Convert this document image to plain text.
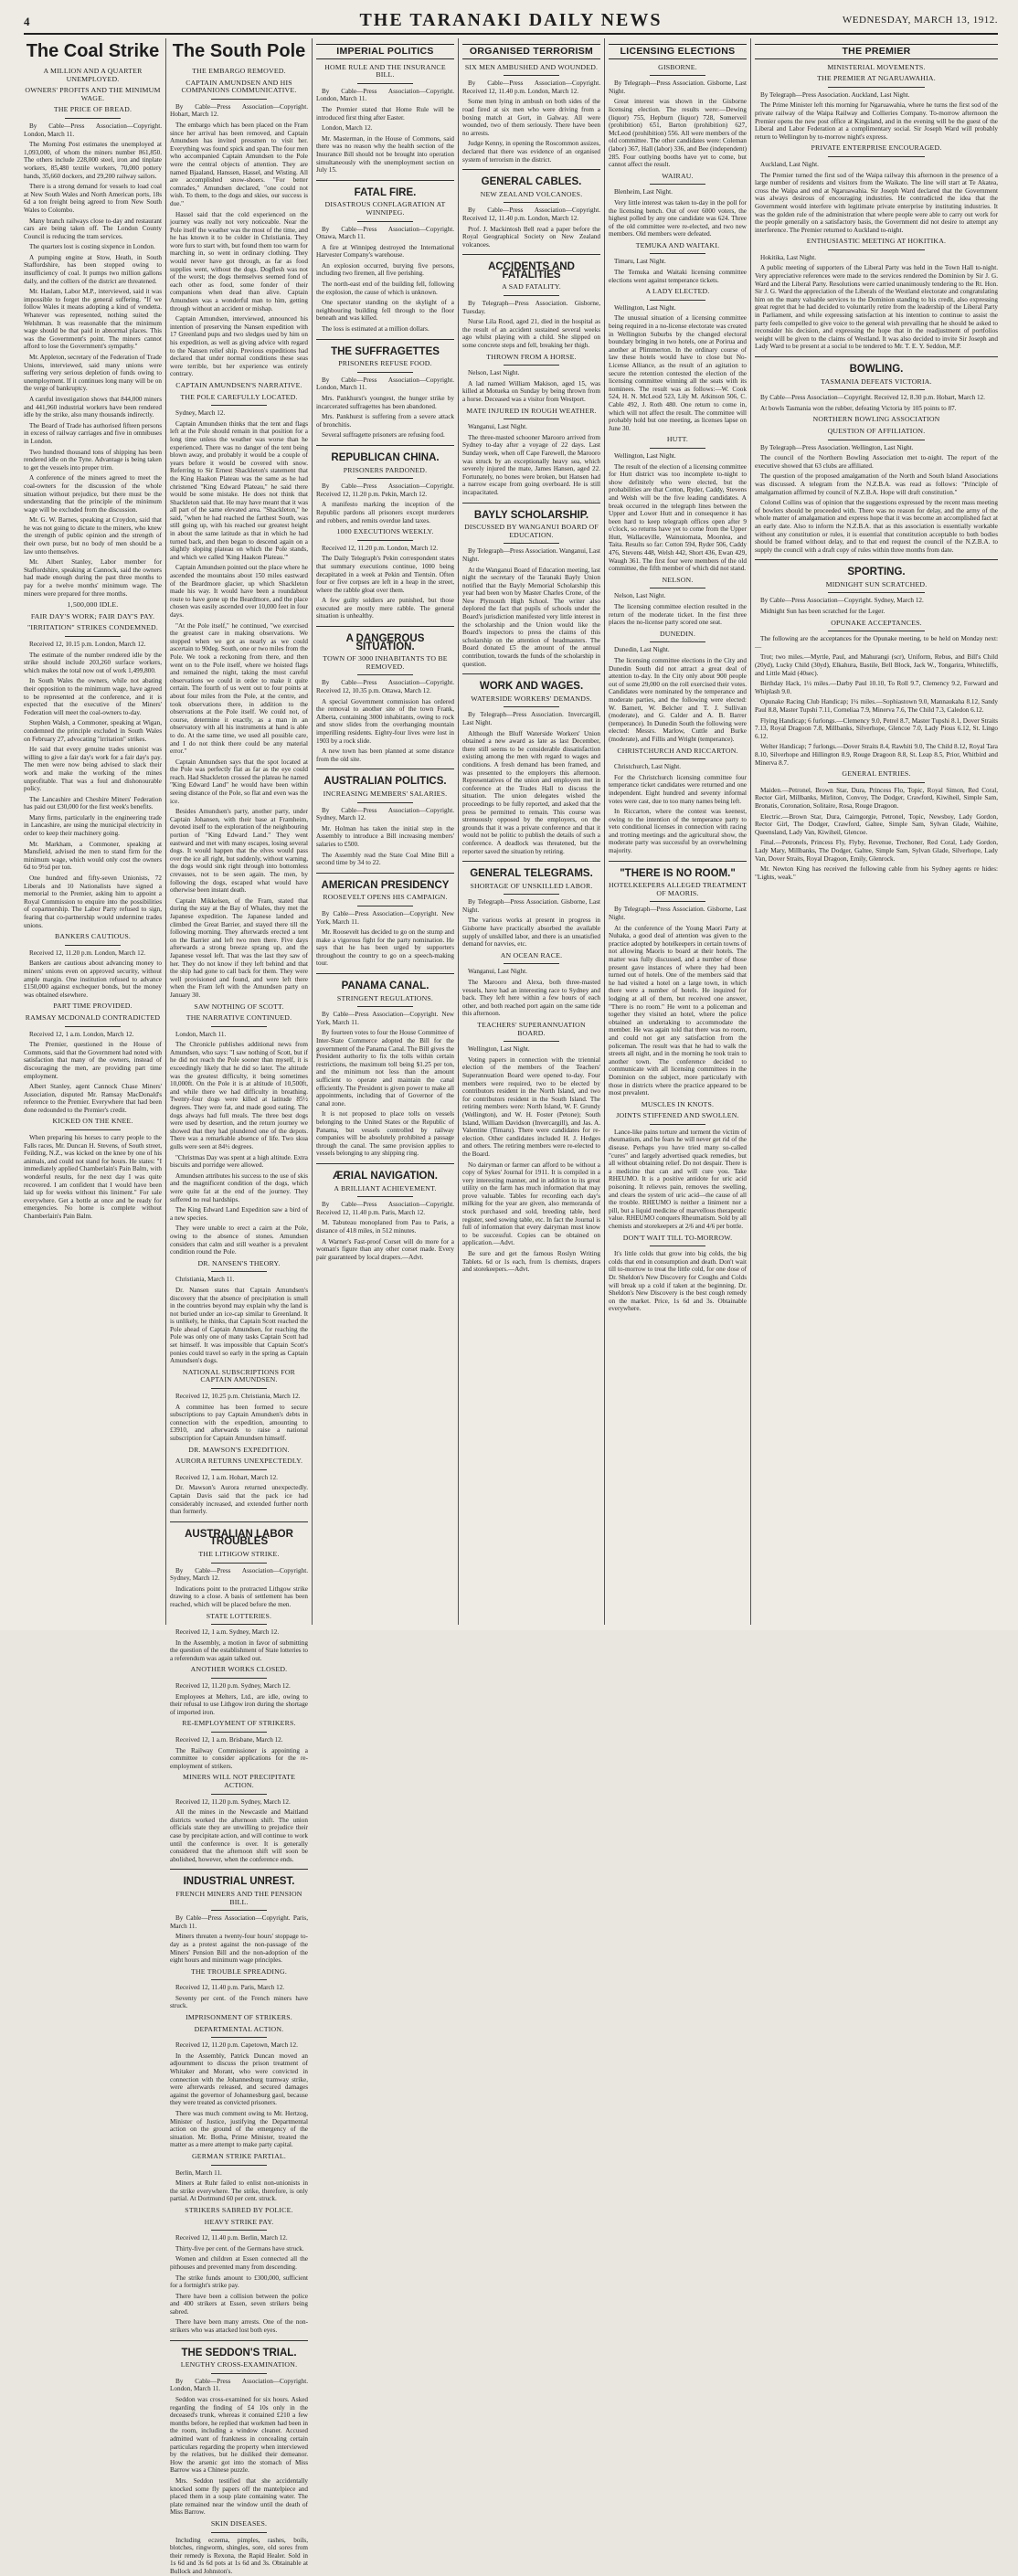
4	THE TARANAKI DAILY NEWS	WEDNESDAY, MARCH 13, 1912.
The Coal Strike
A MILLION AND A QUARTER UNEMPLOYED.
OWNERS' PROFITS AND THE MINIMUM WAGE.
THE PRICE OF BREAD.
By Cable—Press Association—Copyright. London, March 11.
The Morning Post estimates the unemployed at 1,093,000, of whom the miners number 861,850. The others include 228,000 steel, iron and tinplate workers, 85,480 textile workers, 70,000 pottery hands, 35,660 dockers, and 29,200 railway sailors.
There is a strong demand for vessels to load coal at New South Wales and North American ports, 18s 6d a ton freight being agreed to from New South Wales to Colombo.
Many branch railways close to-day and restaurant cars are being taken off. The London County Council is reducing the tram services.
The quarters lost is costing sixpence in London.
A pumping engine at Stow, Heath, in South Staffordshire, has been stopped owing to insufficiency of coal. It pumps two million gallons daily, and the colliers of the district are threatened.
Mr. Haslam, Labor M.P., interviewed, said it was impossible to forget the general suffering. "If we follow Wales it means adopting a kind of vendetta. Whatever was represented, nothing suited the Welshman. It was reasonable that the minimum wage should be that paid in abnormal places. This was the Government's point. The miners cannot afford to lose the Government's sympathy."
Mr. Appleton, secretary of the Federation of Trade Unions, interviewed, said many unions were suffering very serious depletion of funds owing to unemployment. If it continues long many will be on the verge of bankruptcy.
A careful investigation shows that 844,000 miners and 441,960 industrial workers have been rendered idle by the strike, also many thousands indirectly.
The Board of Trade has authorised fifteen persons in excess of railway carriages and five in omnibuses in London.
Two hundred thousand tons of shipping has been rendered idle on the Tyne. Advantage is being taken to get the vessels into proper trim.
A conference of the miners agreed to meet the coal-owners for the discussion of the whole situation without prejudice, but there must be the understanding that the principle of the minimum wage will be excluded from the discussion.
Mr. G. W. Barnes, speaking at Croydon, said that he was not going to dictate to the miners, who knew the strength of public opinion and the strength of their own purse, but no body of men should be a law unto themselves.
Mr. Albert Stanley, Labor member for Staffordshire, speaking at Cannock, said the owners had made enough during the past three months to pay for a twelve months' minimum wage. The miners were prepared for three months.
1,500,000 IDLE.
FAIR DAY'S WORK; FAIR DAY'S PAY.
"IRRITATION" STRIKES CONDEMNED.
Received 12, 10.15 p.m. London, March 12.
The estimate of the number rendered idle by the strike should include 203,260 surface workers, which makes the total now out of work 1,499,800.
In South Wales the owners, while not abating their opposition to the minimum wage, have agreed to be represented at the conference, and it is expected that the executive of the Miners' Federation will meet the coal-owners to-day.
Stephen Walsh, a Commoner, speaking at Wigan, condemned the principle excluded in South Wales on February 27, advocating "irritation" strikes.
He said that every genuine trades unionist was willing to give a fair day's work for a fair day's pay. The men were now being advised to slack their work and make the working of the mines unprofitable. That was a foul and dishonourable policy.
The Lancashire and Cheshire Miners' Federation has paid out £30,000 for the first week's benefits.
Many firms, particularly in the engineering trade in Lancashire, are using the municipal electricity in order to keep their machinery going.
Mr. Markham, a Commoner, speaking at Mansfield, advised the men to stand firm for the minimum wage, which would only cost the owners 6d to 9½d per ton.
One hundred and fifty-seven Unionists, 72 Liberals and 10 Nationalists have signed a memorial to the Premier, asking him to appoint a Royal Commission to enquire into the possibilities of copartnership. The Labor Party refused to sign, fearing that co-partnership would undermine trades unions.
BANKERS CAUTIOUS.
Received 12, 11.20 p.m. London, March 12.
Bankers are cautious about advancing money to miners' unions even on approved security, without ample margin. One institution refused to advance £150,000 against exchequer bonds, but the money was obtained elsewhere.
PART TIME PROVIDED.
RAMSAY MCDONALD CONTRADICTED
Received 12, 1 a.m. London, March 12.
The Premier, questioned in the House of Commons, said that the Government had noted with satisfaction that many of the owners, instead of discouraging the men, are providing part time employment.
Albert Stanley, agent Cannock Chase Miners' Association, disputed Mr. Ramsay MacDonald's reference to the Premier. Everywhere that had been done redounded to the Premier's credit.
KICKED ON THE KNEE.
When preparing his horses to carry people to the Falls races, Mr. Duncan H. Stevens, of South street, Feilding, N.Z., was kicked on the knee by one of his animals, and could not stand for hours. He states: "I immediately applied Chamberlain's Pain Balm, with wonderful results, for the next day I was quite recovered. I am confident that I would have been laid up for weeks without this liniment." For sale everywhere. Get a bottle at once and be ready for emergencies. No home is complete without Chamberlain's Pain Balm.
The South Pole
THE EMBARGO REMOVED.
CAPTAIN AMUNDSEN AND HIS COMPANIONS COMMUNICATIVE.
By Cable—Press Association—Copyright. Hobart, March 12.
The embargo which has been placed on the Fram since her arrival has been removed, and Captain Amundsen has invited pressmen to visit her. Everything was found spick and span. The four men who accompanied Captain Amundsen to the Pole were the central objects of attention. They are named Bjaaland, Hanssen, Hassel, and Wisting. All are accomplished snow-shoers. "For better comrades," Amundsen declared, "one could not wish. To them, to the dogs and skies, our success is due."
Hassel said that the cold experienced on the journey was really not very noticeable. Near the Pole itself the weather was the most of the time, and he has known it to be colder in Christiania. They wore furs to start with, but found them too warm for marching in, so went in ordinary clothing. They would never have got through, as far as food supplies went, without the dogs. Dogflesh was not of the worst; the dogs themselves seemed fond of each other as food, some fonder of their companions when dead than alive. Captain Amundsen was a wonderful man to him, getting through without an accident or mishap.
Captain Amundsen, interviewed, announced his intention of preserving the Nansen expedition with 17 Greenland pups and two sledges used by him on his expedition, as well as giving advice with regard to the Nansen relief ship. Previous expeditions had declared that under normal conditions these seas were terrible, but her experience was entirely contrary.
CAPTAIN AMUNDSEN'S NARRATIVE.
THE POLE CAREFULLY LOCATED.
Sydney, March 12.
Captain Amundsen thinks that the tent and flags left at the Pole should remain in that position for a long time unless the weather was worse than he experienced. There was no danger of the tent being blown away, and probably it would be a couple of years before it would be covered with snow. Referring to Sir Ernest Shackleton's statement that the King Haakon Plateau was the same as he had christened "King Edward Plateau," he said there would be some mistake. He does not think that Shackleton said that. He may have meant that it was all part of the same elevated area. "Shackleton," he said, "when he had reached the farthest South, was still going up, with his reached our greatest height in about the same latitude as that in which he had turned back, and then began to descend again on a slightly sloping plateau on which the Pole stands, and which we called 'King Haakon Plateau.'"
Captain Amundsen pointed out the place where he ascended the mountains about 150 miles eastward of the Beardmore glacier, up which Shackleton made his way. It would have been a roundabout route to have gone up the Beardmore, and the place chosen was easily ascended over 10,000 feet in four days.
"At the Pole itself," he continued, "we exercised the greatest care in making observations. We stopped when we got as nearly as we could ascertain to 90deg. South, one or two miles from the Pole. We took a reckoning from there, and then went on to the Pole itself, where we hoisted flags and remained the night, taking the most careful observations we could in order to make it quite certain. The fourth of us went out to four points at about four miles from the Pole, at the centre, and took observations there, in addition to the observations at the Pole itself. We could not, of course, determine it exactly, as a man in an observatory with all his instruments at hand is able to do. At the same time, we used all possible care, and I do not think there could be any material error."
Captain Amundsen says that the spot located at the Pole was perfectly flat as far as the eye could reach. Had Shackleton crossed the plateau he named "King Edward Land" he would have been within seeing distance of the Pole, so flat and even was the ice.
Besides Amundsen's party, another party, under Captain Johansen, with their base at Framheim, devoted itself to the exploration of the neighbouring portion of "King Edward Land." They went eastward and met with many escapes, losing several dogs. It would happen that the elves would pass over the ice all right, but suddenly, without warning, the dogs would sink right through into bottomless crevasses, not to be seen again. The men, by following the dogs, escaped what would have otherwise been instant death.
Captain Mikkelsen, of the Fram, stated that during the stay at the Bay of Whales, they met the Japanese expedition. The Japanese landed and climbed the Great Barrier, and stayed there till the following morning. They afterwards erected a tent on the Barrier and left two men there. Five days afterwards a strong breeze sprang up, and the Japanese vessel left. That was the last they saw of her. They do not know if they left behind and that the ship had gone to call back for them. They were well provisioned and found, and were left there when the Fram left with the Amundsen party on January 30.
SAW NOTHING OF SCOTT.
THE NARRATIVE CONTINUED.
London, March 11.
The Chronicle publishes additional news from Amundsen, who says: "I saw nothing of Scott, but if he did not reach the Pole sooner than myself, it is exceedingly likely that he did so later. The altitude was the greatest difficulty, it being sometimes 10,000ft. On the Pole it is at altitude of 10,500ft, and while there we had difficulty in breathing. Twenty-four dogs were killed at latitude 85½ degrees. They were fat, and made good eating. The dogs always had full meals. The three best dogs were used by desertion, and the return journey we showed that they had plundered one of the depots. There was a remarkable absence of life. Two skua gulls were seen at 84½ degrees.
"Christmas Day was spent at a high altitude. Extra biscuits and porridge were allowed.
Amundsen attributes his success to the use of skis and the magnificent condition of the dogs, which were quite fat at the end of the journey. They suffered no real hardships.
The King Edward Land Expedition saw a bird of a new species.
They were unable to erect a cairn at the Pole, owing to the absence of stones. Amundsen considers that calm and still weather is a prevalent condition round the Pole.
DR. NANSEN'S THEORY.
Christiania, March 11.
Dr. Nansen states that Captain Amundsen's discovery that the absence of precipitation is small in the countries beyond may explain why the land is not buried under an ice-cap similar to Greenland. It is unlikely, he thinks, that Captain Scott reached the Pole ahead of Captain Amundsen, for reaching the Pole was only one of many tasks Captain Scott had set himself. It was impossible that Captain Scott's ponies could travel so early in the spring as Captain Amundsen's dogs.
NATIONAL SUBSCRIPTIONS FOR CAPTAIN AMUNDSEN.
Received 12, 10.25 p.m. Christiania, March 12.
A committee has been formed to secure subscriptions to pay Captain Amundsen's debts in connection with the expedition, amounting to £3910, and afterwards to raise a national subscription for Captain Amundsen himself.
DR. MAWSON'S EXPEDITION.
AURORA RETURNS UNEXPECTEDLY.
Received 12, 1 a.m. Hobart, March 12.
Dr. Mawson's Aurora returned unexpectedly. Captain Davis said that the pack ice had considerably increased, and extended further north than formerly.
AUSTRALIAN LABOR TROUBLES
THE LITHGOW STRIKE.
By Cable—Press Association—Copyright. Sydney, March 12.
Indications point to the protracted Lithgow strike drawing to a close. A basis of settlement has been reached, which will be placed before the men.
STATE LOTTERIES.
Received 12, 1 a.m. Sydney, March 12.
In the Assembly, a motion in favor of submitting the question of the establishment of State lotteries to a referendum was again talked out.
ANOTHER WORKS CLOSED.
Received 12, 11.20 p.m. Sydney, March 12.
Employees at Melters, Ltd., are idle, owing to their refusal to use Lithgow iron during the shortage of imported iron.
RE-EMPLOYMENT OF STRIKERS.
Received 12, 1 a.m. Brisbane, March 12.
The Railway Commissioner is appointing a committee to consider applications for the re-employment of strikers.
MINERS WILL NOT PRECIPITATE ACTION.
Received 12, 11.20 p.m. Sydney, March 12.
All the mines in the Newcastle and Maitland districts worked the afternoon shift. The union officials state they are unwilling to prejudice their case by precipitate action, and will continue to work until the conference is over. It is generally considered that the afternoon shift will soon be abolished, however, when the conference ends.
INDUSTRIAL UNREST.
FRENCH MINERS AND THE PENSION BILL.
By Cable—Press Association—Copyright. Paris, March 11.
Miners threaten a twenty-four hours' stoppage to-day as a protest against the non-passage of the Miners' Pension Bill and the non-adoption of the eight hours and minimum wage principles.
THE TROUBLE SPREADING.
Received 12, 11.40 p.m. Paris, March 12.
Seventy per cent. of the French miners have struck.
IMPRISONMENT OF STRIKERS.
DEPARTMENTAL ACTION.
Received 12, 11.20 p.m. Capetown, March 12.
In the Assembly, Patrick Duncan moved an adjournment to discuss the prison treatment of Whitaker and Morant, who were convicted in connection with the Johannesburg tramway strike, were afterwards released, and secured damages against the governor of Johannesburg gaol, because they were treated as convicted prisoners.
There was much comment owing to Mr. Hertzog, Minister of Justice, justifying the Departmental action on the ground of the emergency of the situation. Mr. Botha, Prime Minister, treated the matter as a mere attempt to make party capital.
GERMAN STRIKE PARTIAL.
Berlin, March 11.
Miners at Ruhr failed to enlist non-unionists in the strike everywhere. The strike, therefore, is only partial. At Dortmund 60 per cent. struck.
STRIKERS SABRED BY POLICE.
HEAVY STRIKE PAY.
Received 12, 11.40 p.m. Berlin, March 12.
Thirty-five per cent. of the Germans have struck.
Women and children at Essen connected all the pithouses and prevented many from descending.
The strike funds amount to £300,000, sufficient for a fortnight's strike pay.
There have been a collision between the police and 400 strikers at Essen, seven strikers being sabred.
There have been many arrests. One of the non-strikers who was attacked lost both eyes.
THE SEDDON'S TRIAL.
LENGTHY CROSS-EXAMINATION.
By Cable—Press Association—Copyright. London, March 11.
Seddon was cross-examined for six hours. Asked regarding the finding of £4 10s only in the deceased's trunk, whereas it contained £210 a few months before, he replied that workmen had been in the room, including a window cleaner. Accused admitted want of frankness in concealing certain particulars regarding the property when interviewed by the relatives, but he disliked their demeanor. How the arsenic got into the stomach of Miss Barrow was a Chinese puzzle.
Mrs. Seddon testified that she accidentally knocked some fly papers off the mantelpiece and placed them in a soup plate containing water. The plate remained near the window until the death of Miss Barrow.
SKIN DISEASES.
Including eczema, pimples, rashes, boils, blotches, ringworm, shingles, sore, old sores from their remedy is Rexona, the Rapid Healer. Sold in 1s 6d and 3s 6d pots at 1s 6d and 3s. Obtainable at Bullock and Johnston's.
IMPERIAL POLITICS
HOME RULE AND THE INSURANCE BILL.
By Cable—Press Association—Copyright. London, March 11.
The Premier stated that Home Rule will be introduced first thing after Easter.
London, March 12.
Mr. Masterman, in the House of Commons, said there was no reason why the health section of the Insurance Bill should not be brought into operation simultaneously with the unemployment section on July 15.
FATAL FIRE.
DISASTROUS CONFLAGRATION AT WINNIPEG.
By Cable—Press Association—Copyright. Ottawa, March 11.
A fire at Winnipeg destroyed the International Harvester Company's warehouse.
An explosion occurred, burying five persons, including two firemen, all five perishing.
The north-east end of the building fell, following the explosion, the cause of which is unknown.
One spectator standing on the skylight of a neighbouring building fell through to the floor beneath and was killed.
The loss is estimated at a million dollars.
THE SUFFRAGETTES
PRISONERS REFUSE FOOD.
By Cable—Press Association—Copyright. London, March 11.
Mrs. Pankhurst's youngest, the hunger strike by incarcerated suffragettes has been abandoned.
Mrs. Pankhurst is suffering from a severe attack of bronchitis.
Several suffragette prisoners are refusing food.
REPUBLICAN CHINA.
PRISONERS PARDONED.
By Cable—Press Association—Copyright. Received 12, 11.20 p.m. Pekin, March 12.
A manifesto marking the inception of the Republic pardons all prisoners except murderers and robbers, and remits overdue land taxes.
1000 EXECUTIONS WEEKLY.
Received 12, 11.20 p.m. London, March 12.
The Daily Telegraph's Pekin correspondent states that summary executions continue, 1000 being decapitated in a week at Pekin and Tientsin. Often four or five corpses are left in a heap in the street, where the rabble gloat over them.
A few guilty soldiers are punished, but those executed are mostly mere rabble. The general situation is unhealthy.
A DANGEROUS SITUATION.
TOWN OF 3000 INHABITANTS TO BE REMOVED.
By Cable—Press Association—Copyright. Received 12, 10.35 p.m. Ottawa, March 12.
A special Government commission has ordered the removal to another site of the town Frank, Alberta, containing 3000 inhabitants, owing to rock and snow slides from the overhanging mountain imperilling residents. Eighty-four lives were lost in 1903 by a rock slide.
A new town has been planned at some distance from the old site.
AUSTRALIAN POLITICS.
INCREASING MEMBERS' SALARIES.
By Cable—Press Association—Copyright. Sydney, March 12.
Mr. Holman has taken the initial step in the Assembly to introduce a Bill increasing members' salaries to £500.
The Assembly read the State Coal Mine Bill a second time by 34 to 22.
AMERICAN PRESIDENCY
ROOSEVELT OPENS HIS CAMPAIGN.
By Cable—Press Association—Copyright. New York, March 11.
Mr. Roosevelt has decided to go on the stump and make a vigorous fight for the party nomination. He says that he has been urged by supporters throughout the country to go on a speech-making tour.
PANAMA CANAL.
STRINGENT REGULATIONS.
By Cable—Press Association—Copyright. New York, March 11.
By fourteen votes to four the House Committee of Inter-State Commerce adopted the Bill for the government of the Panama Canal. The Bill gives the President authority to fix the tolls within certain restrictions, the maximum toll being $1.25 per ton, and the minimum not less than the amount sufficient to operate and maintain the canal efficiently. The President is given power to make all appointments, including that of Governor of the canal zone.
It is not proposed to place tolls on vessels belonging to the United States or the Republic of Panama, but vessels controlled by railway companies will be absolutely prohibited a passage through the canal. The same provision applies to vessels belonging to any shipping ring.
ÆRIAL NAVIGATION.
A BRILLIANT ACHIEVEMENT.
By Cable—Press Association—Copyright. Received 12, 11.40 p.m. Paris, March 12.
M. Tabuteau monoplaned from Pau to Paris, a distance of 418 miles, in 512 minutes.
A Warner's Fast-proof Corset will do more for a woman's figure than any other corset made. Every pair guaranteed by local drapers.—Advt.
ORGANISED TERRORISM
SIX MEN AMBUSHED AND WOUNDED.
By Cable—Press Association—Copyright. Received 12, 11.40 p.m. London, March 12.
Some men lying in ambush on both sides of the road fired at six men who were driving from a boxing match at Gort, in Galway. All were wounded, two of them seriously. There have been no arrests.
Judge Kenny, in opening the Roscommon assizes, declared that there was evidence of an organised system of terrorism in the district.
GENERAL CABLES.
NEW ZEALAND VOLCANOES.
By Cable—Press Association—Copyright. Received 12, 11.40 p.m. London, March 12.
Prof. J. Mackintosh Bell read a paper before the Royal Geographical Society on New Zealand volcanoes.
ACCIDENTS AND FATALITIES
A SAD FATALITY.
By Telegraph—Press Association. Gisborne, Tuesday.
Nurse Lila Rood, aged 21, died in the hospital as the result of an accident sustained several weeks ago whilst playing with a child. She slipped on some concrete steps and fell, breaking her thigh.
THROWN FROM A HORSE.
Nelson, Last Night.
A lad named William Makison, aged 15, was killed at Motueka on Sunday by being thrown from a horse. Deceased was a visitor from Westport.
MATE INJURED IN ROUGH WEATHER.
Wanganui, Last Night.
The three-masted schooner Marooro arrived from Sydney to-day after a voyage of 22 days. Last Sunday week, when off Cape Farewell, the Marooro was struck by an exceptionally heavy sea, which severely injured the mate, James Hansen, aged 22. Fortunately, no bones were broken, but Hansen had a narrow escape from going overboard. He is still incapacitated.
BAYLY SCHOLARSHIP.
DISCUSSED BY WANGANUI BOARD OF EDUCATION.
By Telegraph—Press Association. Wanganui, Last Night.
At the Wanganui Board of Education meeting, last night the secretary of the Taranaki Bayly Union notified that the Bayly Memorial Scholarship this year had been won by Master Charles Crone, of the New Plymouth High School. The writer also deplored the fact that pupils of schools under the Board's jurisdiction manifested very little interest in the scholarship and the Union would like the Board's inspectors to press the claims of this scholarship on the attention of headmasters. The Board donated £5 the amount of the annual contribution, towards the funds of the scholarship in question.
WORK AND WAGES.
WATERSIDE WORKERS' DEMANDS.
By Telegraph—Press Association. Invercargill, Last Night.
Although the Bluff Waterside Workers' Union obtained a new award as late as last December, there still seems to be considerable dissatisfaction existing among the men with regard to wages and conditions. A fresh demand has been framed, and was presented to the employers this afternoon. Representatives of the union and employers met in conference at the Trades Hall to discuss the situation. The union delegates wished the proceedings to be fully reported, and asked that the press be permitted to remain. This course was strenuously opposed by the employers, on the grounds that it was a private conference and that it would not be politic to publish the details of such a conference. A deadlock was threatened, but the reporter saved the situation by retiring.
GENERAL TELEGRAMS.
SHORTAGE OF UNSKILLED LABOR.
By Telegraph—Press Association. Gisborne, Last Night.
The various works at present in progress in Gisborne have practically absorbed the available supply of unskilled labor, and there is an unsatisfied demand for navvies, etc.
AN OCEAN RACE.
Wanganui, Last Night.
The Marooro and Alexa, both three-masted vessels, have had an interesting race to Sydney and back. They left here within a few hours of each other, and both reached port again on the same tide this afternoon.
TEACHERS' SUPERANNUATION BOARD.
Wellington, Last Night.
Voting papers in connection with the triennial election of the members of the Teachers' Superannuation Board were opened to-day. Four members were required, two to be elected by contributors resident in the North Island, and two for contributors resident in the South Island. The retiring members were: North Island, W. F. Grundy (Wellington), and W. H. Foster (Petone); South Island, William Davidson (Invercargill), and Jas. A. Valentine (Timaru). There were candidates for re-election. Other candidates included H. J. Hedges and others. The retiring members were re-elected to the Board.
No dairyman or farmer can afford to be without a copy of Sykes' Journal for 1911. It is compiled in a very interesting manner, and in addition to its great utility on the farm has much information that may prove valuable. Tables for recording each day's milking for the year are given, also memoranda of stock purchased and sold, breeding table, herd register, seed sowing table, etc. In fact the Journal is full of information that every dairyman must know to be successful. Copies can be obtained on application.—Advt.
Be sure and get the famous Roslyn Writing Tablets. 6d or 1s each, from 1s chemists, drapers and storekeepers.—Advt.
LICENSING ELECTIONS
GISBORNE.
By Telegraph—Press Association. Gisborne, Last Night.
Great interest was shown in the Gisborne licensing election. The results were:—Dewing (liquor) 755, Hepburn (liquor) 728, Somerveil (prohibition) 651, Barton (prohibition) 627, McLeod (prohibition) 556. All were members of the old committee. The other candidates were: Coleman (labor) 367, Hall (labor) 336, and Bee (independent) 285. Four outlying booths have yet to come, but cannot affect the result.
WAIRAU.
Blenheim, Last Night.
Very little interest was taken to-day in the poll for the licensing bench. Out of over 6000 voters, the highest polled by any one candidate was 624. Three of the old committee were re-elected, and two new members. Old members were defeated.
TEMUKA AND WAITAKI.
Timaru, Last Night.
The Temuka and Waitaki licensing committee elections went against temperance tickets.
A LADY ELECTED.
Wellington, Last Night.
The unusual situation of a licensing committee being required in a no-license electorate was created in Wellington Suburbs by the changed electoral boundary bringing in two hotels, one at Porirua and another at Plimmerton. In the ordinary course of law these hotels would have to close but No-License Alliance, as the result of an agitation to secure the retention contested the election of the licensing committee winning all the seats with its nominees. The result was as follows:—W. Cook 524, H. N. McLeod 523, Lily M. Atkinson 506, C. Cable 492, J. Roth 480. One return to come in, which will not affect the result. The committee will probably hold but one meeting, as licenses lapse on June 30.
HUTT.
Wellington, Last Night.
The result of the election of a licensing committee for Hutt district was too incomplete to-night to show definitely who were elected, but the probabilities are that Cotton, Ryder, Caddy, Stevens and Welsh will be the five leading candidates. A break occurred in the telegraph lines between the Upper and Lower Hutt and in consequence it has been hard to keep telegraph offices open after 9 o'clock, so returns have yet to come from the Upper Hutt, Wallaceville, Wainuiomata, Moonlea, and Taita. Results so far: Cotton 594, Ryder 506, Caddy 476, Stevens 448, Welsh 442, Short 436, Ewan 429, Waugh 361. The first four were members of the old committee, the fifth member of which did not stand.
NELSON.
Nelson, Last Night.
The licensing committee election resulted in the return of the moderate ticket. In the first three places the no-license party scored one seat.
DUNEDIN.
Dunedin, Last Night.
The licensing committee elections in the City and Dunedin South did not attract a great deal of attention to-day. In the City only about 900 people out of some 29,000 on the roll exercised their votes. Candidates were nominated by the temperance and moderate parties, and the following were elected: W. Barnett, W. Belcher and T. J. Sullivan (moderate), and G. Calder and A. B. Barrer (temperance). In Dunedin South the following were elected: Messrs. Marlow, Cuttle and Burke (moderate), and Fillis and Wright (temperance).
CHRISTCHURCH AND RICCARTON.
Christchurch, Last Night.
For the Christchurch licensing committee four temperance ticket candidates were returned and one independent. Eight hundred and seventy informal votes were cast, due to too many names being left.
In Riccarton, where the contest was keenest, owing to the intention of the temperance party to veto conditional licenses in connection with racing and trotting meetings and the agricultural show, the moderate party was successful by an overwhelming majority.
"THERE IS NO ROOM."
HOTELKEEPERS ALLEGED TREATMENT OF MAORIS.
By Telegraph—Press Association. Gisborne, Last Night.
At the conference of the Young Maori Party at Nuhaka, a good deal of attention was given to the practice adopted by hotelkeepers in certain towns of not allowing Maoris to board at their hotels. The matter was fully discussed, and a number of those present gave instances of where they had been turned out of hotels. One of the members said that he had visited a hotel on a large town, in which there were a number of hotels. He inquired for lodging at all of them, but received one answer, "There is no room." He went to a policeman and together they visited an hotel, where the police obtained an undertaking to accommodate the member. He was again told that there was no room, and could not get any satisfaction from the policeman. The result was that he had to walk the streets all night, and in the morning he took train to another town. The conference decided to communicate with all licensing committees in the Dominion on the subject, more particularly with those in districts where the practice appeared to be most prevalent.
MUSCLES IN KNOTS.
JOINTS STIFFENED AND SWOLLEN.
Lance-like pains torture and torment the victim of rheumatism, and he fears he will never get rid of the disease. Perhaps you have tried many so-called "cures" and largely advertised quack remedies, but all without obtaining relief. Do not despair. There is a medicine that can and will cure you. Take RHEUMO. It is a positive antidote for uric acid poisoning. It relieves pain, removes the swelling, and clears the system of uric acid—the cause of all the trouble. RHEUMO is neither a liniment nor a pill, but a liquid medicine of marvellous therapeutic value. RHEUMO conquers Rheumatism. Sold by all chemists and storekeepers at 2/6 and 4/6 per bottle.
DON'T WAIT TILL TO-MORROW.
It's little colds that grow into big colds, the big colds that end in consumption and death. Don't wait till to-morrow to treat the little cold, for one dose of Dr. Sheldon's New Discovery for Coughs and Colds will break up a cold if taken at the beginning. Dr. Sheldon's New Discovery is the best cough remedy on the market. Price, 1s 6d and 3s. Obtainable everywhere.
THE PREMIER
MINISTERIAL MOVEMENTS.
THE PREMIER AT NGARUAWAHIA.
By Telegraph—Press Association. Auckland, Last Night.
The Prime Minister left this morning for Ngaruawahia, where he turns the first sod of the private railway of the Waipa Railway and Collieries Company. To-morrow afternoon the Premier opens the new post office at Kingsland, and in the evening will be the guest of the Liberal and Labor Federation at a complimentary social. Sir Joseph Ward will probably return to Wellington by to-morrow night's express.
PRIVATE ENTERPRISE ENCOURAGED.
Auckland, Last Night.
The Premier turned the first sod of the Waipa railway this afternoon in the presence of a large number of residents and visitors from the Waikato. The line will start at Te Akatea, cross the Waipa and end at Ngaruawahia. Sir Joseph Ward declared that the Government was always desirous of encouraging industries. He contradicted the idea that the Government would interfere with legitimate private enterprise by instituting industries. It was the golden rule of the administration that where people were able to carry out work for the people generally on a satisfactory basis, the Government did not desire to attempt any interference. The Premier returned to Auckland to-night.
ENTHUSIASTIC MEETING AT HOKITIKA.
Hokitika, Last Night.
A public meeting of supporters of the Liberal Party was held in the Town Hall to-night. Very appreciative references were made to the services rendered the Dominion by Sir J. G. Ward and the Liberal Party. Resolutions were carried unanimously tendering to the Rt. Hon. Sir J. G. Ward the appreciation of the Liberals of the Westland electorate and congratulating him on the many valuable services to the Dominion standing to his credit, also expressing great regret that he had decided to voluntarily retire from the leadership of the Liberal Party in Parliament, and while expressing satisfaction at his intention to continue to assist the party feels compelled to give voice to the general wish prevailing that he should be asked to reconsider his decision, and expressing the hope that in the readjustment of portfolios weight will be given to the claims of Westland. It was also decided to invite Sir Joseph and Lady Ward to be present at a social to be tendered to Mr. T. E. Y. Seddon, M.P.
BOWLING.
TASMANIA DEFEATS VICTORIA.
By Cable—Press Association—Copyright. Received 12, 8.30 p.m. Hobart, March 12.
At bowls Tasmania won the rubber, defeating Victoria by 105 points to 87.
NORTHERN BOWLING ASSOCIATION
QUESTION OF AFFILIATION.
By Telegraph—Press Association. Wellington, Last Night.
The council of the Northern Bowling Association met to-night. The report of the executive showed that 63 clubs are affiliated.
The question of the proposed amalgamation of the North and South Island Associations was discussed. A telegram from the N.Z.B.A. was read as follows: "Principle of amalgamation affirmed by council of N.Z.B.A. Hope will draft constitution."
Colonel Collins was of opinion that the suggestions expressed by the recent mass meeting of bowlers should be proceeded with. There was no reason for delay, and the army of the whole matter of amalgamation and express hope that it was become an accomplished fact at an early date. Also to inform the N.Z.B.A. that as this association is essentially workable without any constitution or rules, it is essential that constitution acceptable to both bodies should be framed without delay, and to that end request the council of the N.Z.B.A. to supply the council with a draft copy of rules within three months from date.
SPORTING.
MIDNIGHT SUN SCRATCHED.
By Cable—Press Association—Copyright. Sydney, March 12.
Midnight Sun has been scratched for the Leger.
OPUNAKE ACCEPTANCES.
The following are the acceptances for the Opunake meeting, to be held on Monday next:—
Trot; two miles.—Myrtle, Paul, and Mahurangi (scr), Uniform, Rebus, and Bill's Child (20yd), Lucky Child (30yd), Elkahura, Bastile, Bell Block, Jack W., Tongarira, Whitecliffs, and Little Maid (40sec).
Birthday Hack, 1½ miles.—Darby Paul 10.10, To Roll 9.7, Clemency 9.2, Forward and Whiplash 9.0.
Opunake Racing Club Handicap; 1¼ miles.—Sophiastown 9.0, Mannaukaha 8.12, Sandy Paul 8.8, Master Tupshi 7.11, Corneliaa 7.9, Minerva 7.6, The Child 7.3, Caledon 6.12.
Flying Handicap; 6 furlongs.—Clemency 9.0, Petrel 8.7, Master Tupshi 8.1, Dover Straits 7.13, Royal Dragoon 7.8, Millbanks, Silverhope, Glencoe 7.0, Lady Pious 6.12, St. Lingo 6.12.
Welter Handicap; 7 furlongs.—Dover Straits 8.4, Rawhiti 9.0, The Child 8.12, Royal Tara 8.10, Silverhope and Hillington 8.9, Rouge Dragoon 8.8, St. Leap 8.5, Prior, Whitbird and Minerva 8.7.
GENERAL ENTRIES.
Maiden.—Petronel, Brown Star, Dura, Princess Flo, Topic, Royal Simon, Red Coral, Rector Girl, Millbanks, Mirliton, Convoy, The Dodger, Crawford, Kiwiheil, Simple Sam, Bronatis, Coronation, Solitaire, Rosa, Rouge Dragoon.
Electric.—Brown Star, Dura, Cairngorgie, Petronel, Topic, Newsboy, Lady Gordon, Rector Girl, The Dodger, Crawford, Galtee, Simple Sam, Sylvan Glade, Waihine, Queensland, Lady Van, Kiwiheil, Glencoe.
Final.—Petronels, Princess Fly, Flyby, Revenue, Trechoner, Red Coral, Lady Gordon, Lady Mary, Millbanks, The Dodger, Galtee, Simple Sam, Sylvan Glade, Silverhope, Lady Van, Dover Straits, Royal Dragoon, Emily, Glenrock.
Mr. Newton King has received the following cable from his Sydney agents re hides: "Lights, weak."
